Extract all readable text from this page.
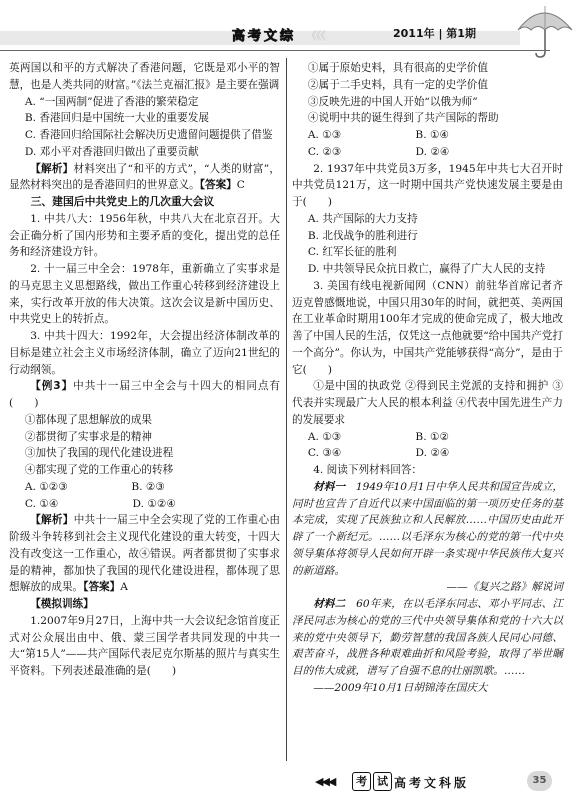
高考文综 《《《	2011年 | 第1期

英两国以和平的方式解决了香港问题，它既是邓小平的智慧，也是人类共同的财富。”《法兰克福汇报》是主要在强调

A. “一国两制”促进了香港的繁荣稳定

B. 香港回归是中国统一大业的重要发展

C. 香港回归给国际社会解决历史遗留问题提供了借鉴

D. 邓小平对香港回归做出了重要贡献

【解析】材料突出了“和平的方式”，“人类的财富”，显然材料突出的是香港回归的世界意义。【答案】C

三、建国后中共党史上的几次重大会议

1. 中共八大：1956年秋，中共八大在北京召开。大会正确分析了国内形势和主要矛盾的变化，提出党的总任务和经济建设方针。

2. 十一届三中全会：1978年，重新确立了实事求是的马克思主义思想路线，做出工作重心转移到经济建设上来，实行改革开放的伟大决策。这次会议是新中国历史、中共党史上的转折点。

3. 中共十四大：1992年，大会提出经济体制改革的目标是建立社会主义市场经济体制，确立了迈向21世纪的行动纲领。

【例3】中共十一届三中全会与十四大的相同点有(　　)

①都体现了思想解放的成果

②都贯彻了实事求是的精神

③加快了我国的现代化建设进程

④都实现了党的工作重心的转移

A. ①②③　　　　　　B. ②③

C. ①④　　　　　　　D. ①②④

【解析】中共十一届三中全会实现了党的工作重心由阶级斗争转移到社会主义现代化建设的重大转变，十四大没有改变这一工作重心，故④错误。两者都贯彻了实事求是的精神，都加快了我国的现代化建设进程，都体现了思想解放的成果。【答案】A

【模拟训练】

1.2007年9月27日，上海中共一大会议纪念馆首度正式对公众展出由中、俄、蒙三国学者共同发现的中共一大“第15人”——共产国际代表尼克尔斯基的照片与真实生平资料。下列表述最准确的是(　　)

①属于原始史料，具有很高的史学价值

②属于二手史料，具有一定的史学价值

③反映先进的中国人开始“以俄为师”

④说明中共的诞生得到了共产国际的帮助

A. ①③　　　　　　　B. ①④

C. ②③　　　　　　　D. ②④

2. 1937年中共党员3万多，1945年中共七大召开时中共党员121万，这一时期中国共产党快速发展主要是由于(　　)

A. 共产国际的大力支持

B. 北伐战争的胜利进行

C. 红军长征的胜利

D. 中共领导民众抗日救亡，赢得了广大人民的支持

3. 美国有线电视新闻网（CNN）前驻华首席记者齐迈克曾感慨地说，中国只用30年的时间，就把英、美两国在工业革命时期用100年才完成的使命完成了，极大地改善了中国人民的生活，仅凭这一点他就要“给中国共产党打一个高分”。你认为，中国共产党能够获得“高分”，是由于它(　　)

①是中国的执政党 ②得到民主党派的支持和拥护 ③代表并实现最广大人民的根本利益 ④代表中国先进生产力的发展要求

A. ①③　　　　　　　B. ①②

C. ③④　　　　　　　D. ②④

4. 阅读下列材料回答：

材料一　 1949年10月1日中华人民共和国宣告成立，同时也宣告了自近代以来中国面临的第一项历史任务的基本完成，实现了民族独立和人民解放……中国历史由此开辟了一个新纪元。……以毛泽东为核心的党的第一代中央领导集体将领导人民如何开辟一条实现中华民族伟大复兴的新道路。

——《复兴之路》解说词

材料二　 60年来，在以毛泽东同志、邓小平同志、江泽民同志为核心的党的三代中央领导集体和党的十六大以来的党中央领导下，勤劳智慧的我国各族人民同心同德、艰苦奋斗，战胜各种艰难曲折和风险考验，取得了举世瞩目的伟大成就，谱写了自强不息的壮丽凯歌。……

——2009年10月1日胡锦涛在国庆大

◀◀◀	考 试 高考文科版	35
